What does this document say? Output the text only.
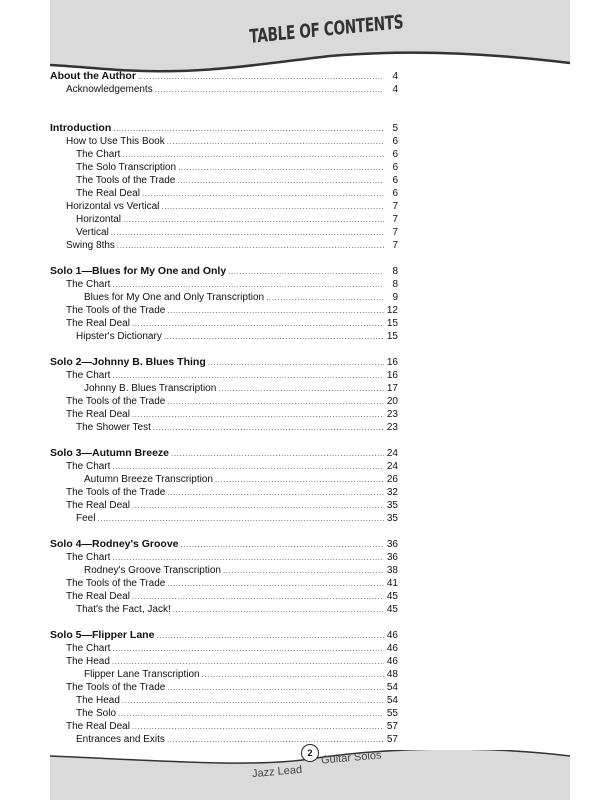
TABLE OF CONTENTS
About the Author .....	4
Acknowledgements .....	4
Introduction .....	5
How to Use This Book .....	6
The Chart .....	6
The Solo Transcription .....	6
The Tools of the Trade .....	6
The Real Deal .....	6
Horizontal vs Vertical .....	7
Horizontal .....	7
Vertical .....	7
Swing 8ths .....	7
Solo 1—Blues for My One and Only .....	8
The Chart .....	8
Blues for My One and Only Transcription .....	9
The Tools of the Trade .....	12
The Real Deal .....	15
Hipster's Dictionary .....	15
Solo 2—Johnny B. Blues Thing .....	16
The Chart .....	16
Johnny B. Blues Transcription .....	17
The Tools of the Trade .....	20
The Real Deal .....	23
The Shower Test .....	23
Solo 3—Autumn Breeze .....	24
The Chart .....	24
Autumn Breeze Transcription .....	26
The Tools of the Trade .....	32
The Real Deal .....	35
Feel .....	35
Solo 4—Rodney's Groove .....	36
The Chart .....	36
Rodney's Groove Transcription .....	38
The Tools of the Trade .....	41
The Real Deal .....	45
That's the Fact, Jack! .....	45
Solo 5—Flipper Lane .....	46
The Chart .....	46
The Head .....	46
Flipper Lane Transcription .....	48
The Tools of the Trade .....	54
The Head .....	54
The Solo .....	55
The Real Deal .....	57
Entrances and Exits .....	57
2
Jazz Lead
Guitar Solos
